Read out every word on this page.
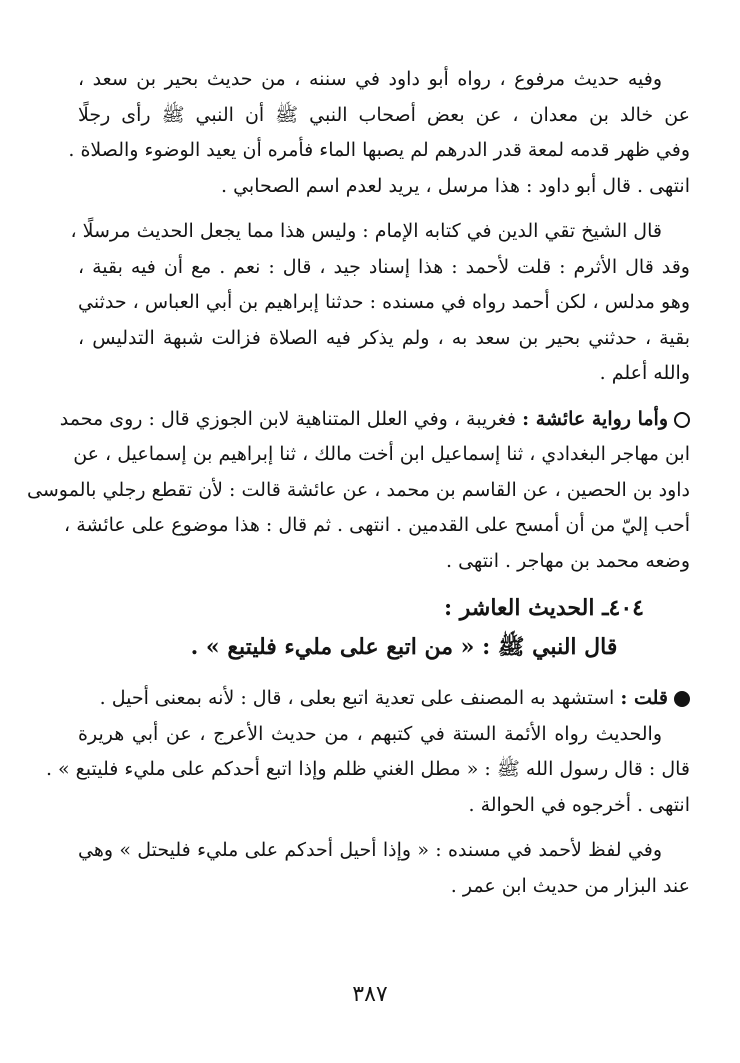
وفيه حديث مرفوع ، رواه أبو داود في سننه ، من حديث بحير بن سعد ،
عن خالد بن معدان ، عن بعض أصحاب النبي ﷺ أن النبي ﷺ رأى رجلًا
وفي ظهر قدمه لمعة قدر الدرهم لم يصبها الماء فأمره أن يعيد الوضوء والصلاة .
انتهى . قال أبو داود : هذا مرسل ، يريد لعدم اسم الصحابي .
قال الشيخ تقي الدين في كتابه الإمام : وليس هذا مما يجعل الحديث مرسلًا ،
وقد قال الأثرم : قلت لأحمد : هذا إسناد جيد ، قال : نعم . مع أن فيه بقية ،
وهو مدلس ، لكن أحمد رواه في مسنده : حدثنا إبراهيم بن أبي العباس ، حدثني
بقية ، حدثني بحير بن سعد به ، ولم يذكر فيه الصلاة فزالت شبهة التدليس ،
والله أعلم .
وأما رواية عائشة : فغريبة ، وفي العلل المتناهية لابن الجوزي قال : روى محمد
ابن مهاجر البغدادي ، ثنا إسماعيل ابن أخت مالك ، ثنا إبراهيم بن إسماعيل ، عن
داود بن الحصين ، عن القاسم بن محمد ، عن عائشة قالت : لأن تقطع رجلي بالموسى
أحب إليّ من أن أمسح على القدمين . انتهى . ثم قال : هذا موضوع على عائشة ،
وضعه محمد بن مهاجر . انتهى .
٤٠٤ـ الحديث العاشر :
قال النبي ﷺ : « من اتبع على مليء فليتبع » .
قلت : استشهد به المصنف على تعدية اتبع بعلى ، قال : لأنه بمعنى أحيل .
والحديث رواه الأئمة الستة في كتبهم ، من حديث الأعرج ، عن أبي هريرة
قال : قال رسول الله ﷺ : « مطل الغني ظلم وإذا اتبع أحدكم على مليء فليتبع » .
انتهى . أخرجوه في الحوالة .
وفي لفظ لأحمد في مسنده : « وإذا أحيل أحدكم على مليء فليحتل » وهي
عند البزار من حديث ابن عمر .
٣٨٧
